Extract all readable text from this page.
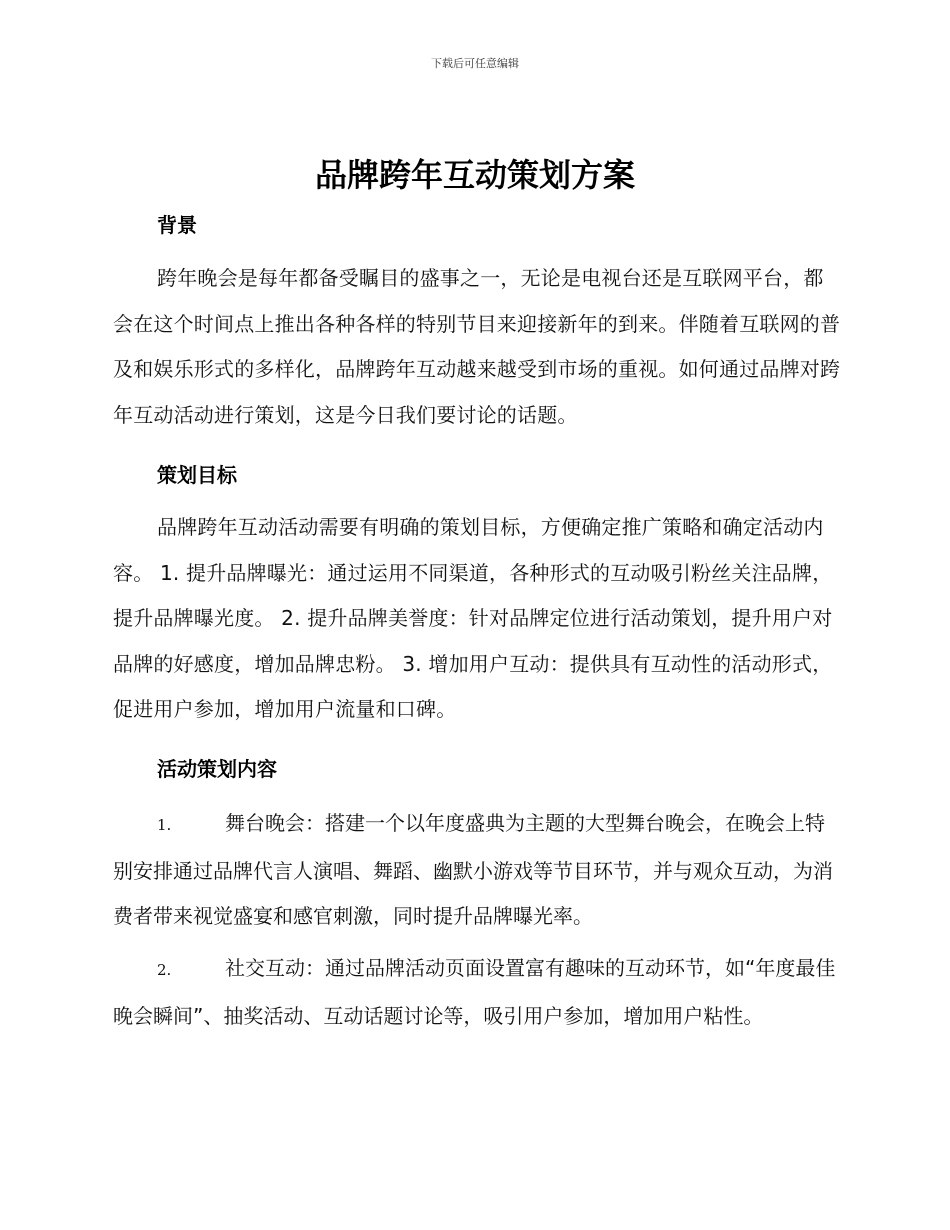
下载后可任意编辑
品牌跨年互动策划方案
背景
跨年晚会是每年都备受瞩目的盛事之一，无论是电视台还是互联网平台，都会在这个时间点上推出各种各样的特别节目来迎接新年的到来。伴随着互联网的普及和娱乐形式的多样化，品牌跨年互动越来越受到市场的重视。如何通过品牌对跨年互动活动进行策划，这是今日我们要讨论的话题。
策划目标
品牌跨年互动活动需要有明确的策划目标，方便确定推广策略和确定活动内容。 1. 提升品牌曝光：通过运用不同渠道，各种形式的互动吸引粉丝关注品牌，提升品牌曝光度。 2. 提升品牌美誉度：针对品牌定位进行活动策划，提升用户对品牌的好感度，增加品牌忠粉。 3. 增加用户互动：提供具有互动性的活动形式，促进用户参加，增加用户流量和口碑。
活动策划内容
1.	舞台晚会：搭建一个以年度盛典为主题的大型舞台晚会，在晚会上特别安排通过品牌代言人演唱、舞蹈、幽默小游戏等节目环节，并与观众互动，为消费者带来视觉盛宴和感官刺激，同时提升品牌曝光率。
2.	社交互动：通过品牌活动页面设置富有趣味的互动环节，如“年度最佳晚会瞬间”、抽奖活动、互动话题讨论等，吸引用户参加，增加用户粘性。
